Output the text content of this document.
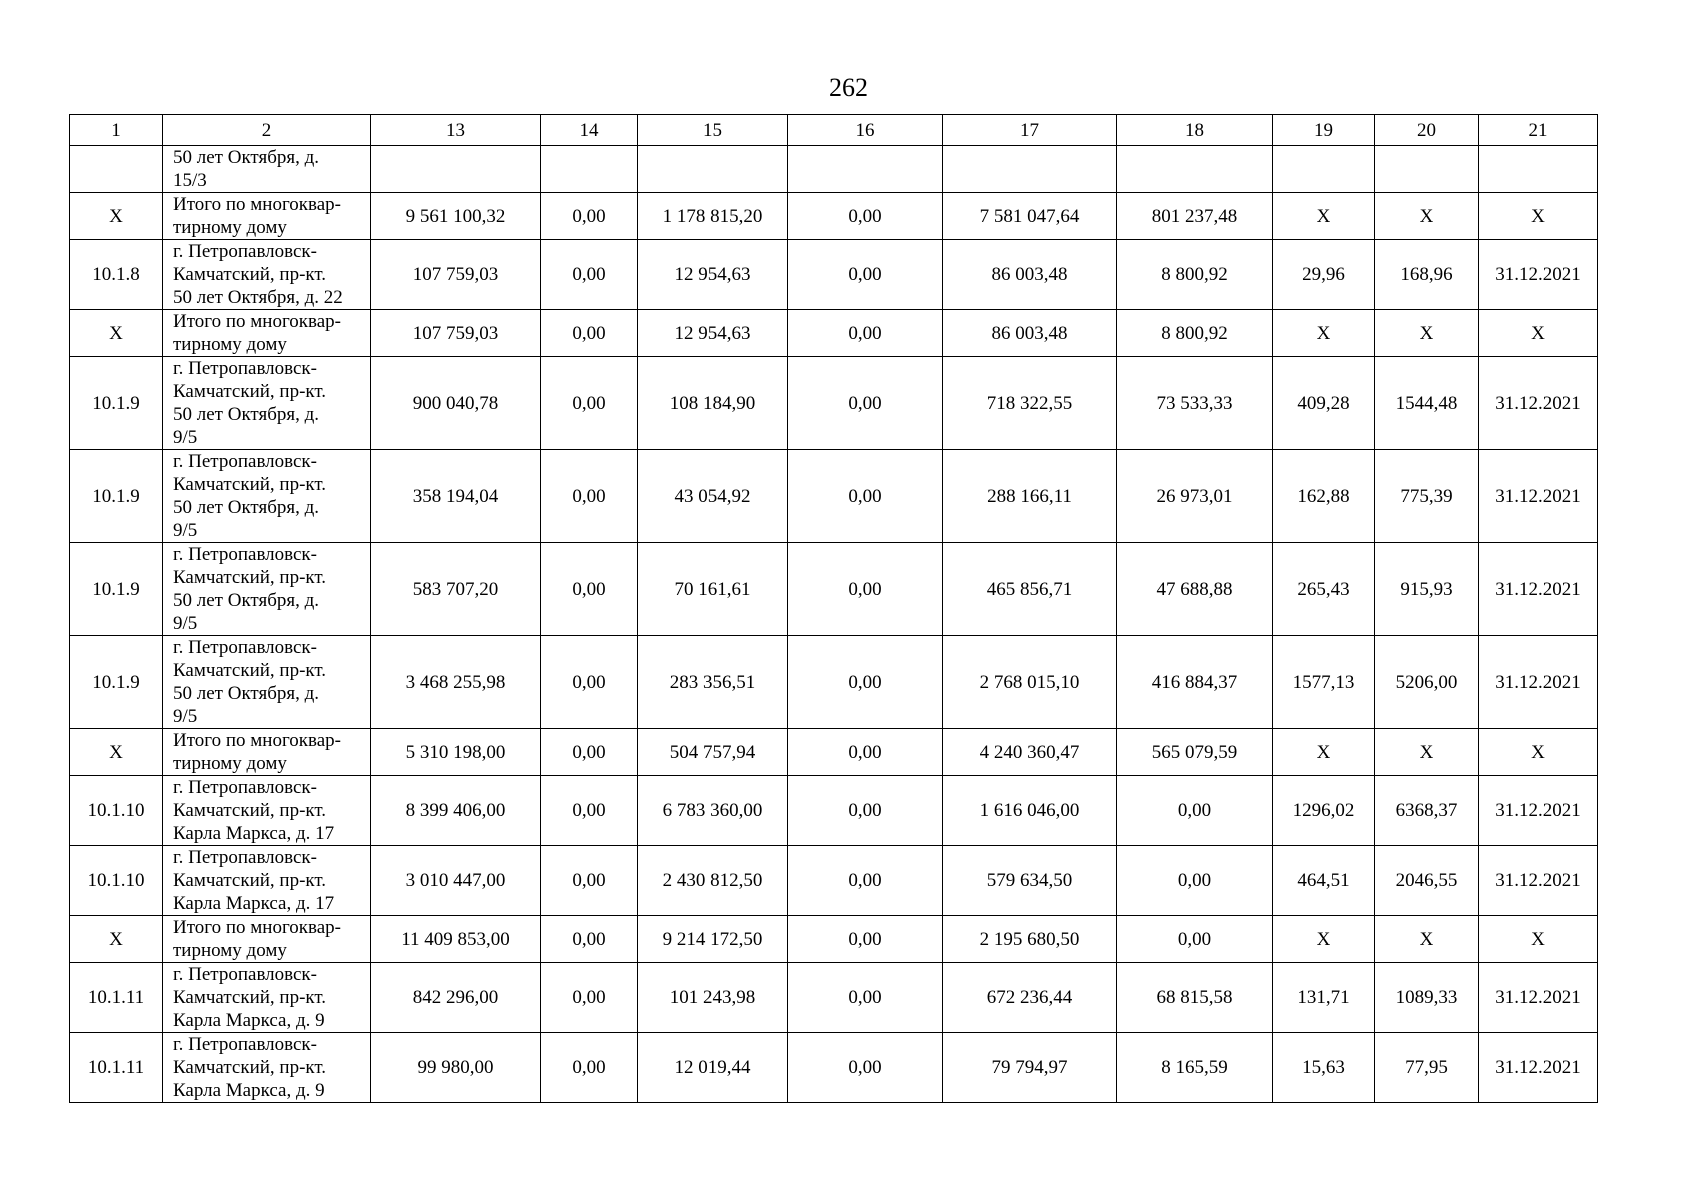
262
1	2	13	14	15	16	17	18	19	20	21

	50 лет Октября, д.
15/3									

Х	Итого по многоквар-
тирному дому	9 561 100,32	0,00	1 178 815,20	0,00	7 581 047,64	801 237,48	Х	Х	Х
10.1.8	г. Петропавловск-
Камчатский, пр-кт.
50 лет Октября, д. 22	107 759,03	0,00	12 954,63	0,00	86 003,48	8 800,92	29,96	168,96	31.12.2021
Х	Итого по многоквар-
тирному дому	107 759,03	0,00	12 954,63	0,00	86 003,48	8 800,92	Х	Х	Х
10.1.9	г. Петропавловск-
Камчатский, пр-кт.
50 лет Октября, д.
9/5	900 040,78	0,00	108 184,90	0,00	718 322,55	73 533,33	409,28	1544,48	31.12.2021
10.1.9	г. Петропавловск-
Камчатский, пр-кт.
50 лет Октября, д.
9/5	358 194,04	0,00	43 054,92	0,00	288 166,11	26 973,01	162,88	775,39	31.12.2021
10.1.9	г. Петропавловск-
Камчатский, пр-кт.
50 лет Октября, д.
9/5	583 707,20	0,00	70 161,61	0,00	465 856,71	47 688,88	265,43	915,93	31.12.2021
10.1.9	г. Петропавловск-
Камчатский, пр-кт.
50 лет Октября, д.
9/5	3 468 255,98	0,00	283 356,51	0,00	2 768 015,10	416 884,37	1577,13	5206,00	31.12.2021
Х	Итого по многоквар-
тирному дому	5 310 198,00	0,00	504 757,94	0,00	4 240 360,47	565 079,59	Х	Х	Х
10.1.10	г. Петропавловск-
Камчатский, пр-кт.
Карла Маркса, д. 17	8 399 406,00	0,00	6 783 360,00	0,00	1 616 046,00	0,00	1296,02	6368,37	31.12.2021
10.1.10	г. Петропавловск-
Камчатский, пр-кт.
Карла Маркса, д. 17	3 010 447,00	0,00	2 430 812,50	0,00	579 634,50	0,00	464,51	2046,55	31.12.2021
Х	Итого по многоквар-
тирному дому	11 409 853,00	0,00	9 214 172,50	0,00	2 195 680,50	0,00	Х	Х	Х
10.1.11	г. Петропавловск-
Камчатский, пр-кт.
Карла Маркса, д. 9	842 296,00	0,00	101 243,98	0,00	672 236,44	68 815,58	131,71	1089,33	31.12.2021
10.1.11	г. Петропавловск-
Камчатский, пр-кт.
Карла Маркса, д. 9	99 980,00	0,00	12 019,44	0,00	79 794,97	8 165,59	15,63	77,95	31.12.2021
